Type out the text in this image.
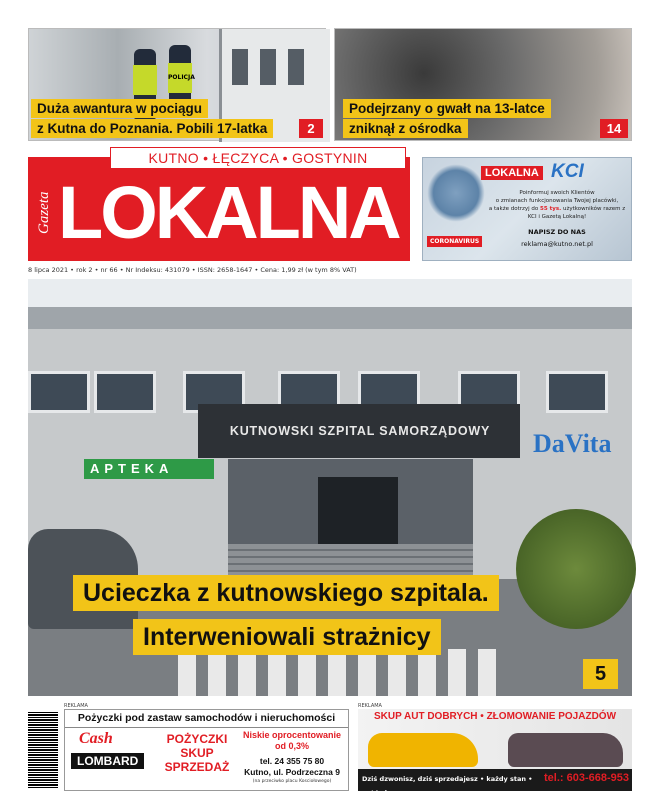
POLICJA
Duża awantura w pociągu
z Kutna do Poznania. Pobili 17-latka	2
Podejrzany o gwałt na 13-latce
zniknął z ośrodka	14
KUTNO • ŁĘCZYCA • GOSTYNIN
Gazeta LOKALNA	LOKALNA KCI
Poinformuj swoich Klientów
o zmianach funkcjonowania Twojej placówki,
a także dotrzyj do 55 tys. użytkowników razem z
KCI i Gazetą Lokalną!
CORONAVIRUS
NAPISZ DO NAS
reklama@kutno.net.pl
8 lipca 2021 • rok 2 • nr 66 • Nr Indeksu: 431079 • ISSN: 2658-1647 • Cena: 1,99 zł (w tym 8% VAT)
KUTNOWSKI SZPITAL SAMORZĄDOWY	DaVita
APTEKA
Ucieczka z kutnowskiego szpitala.
Interweniowali strażnicy
5
REKLAMA	REKLAMA
Pożyczki pod zastaw samochodów i nieruchomości
Cash
LOMBARD
POŻYCZKI
SKUP
SPRZEDAŻ
Niskie oprocentowanie
od 0,3%
tel. 24 355 75 80
Kutno, ul. Podrzeczna 9
(na przeciwko placu Kosciołowego)
SKUP AUT DOBRYCH • ZŁOMOWANIE POJAZDÓW
Dziś dzwonisz, dziś sprzedajesz • każdy stan • gotówka
tel.: 603-668-953
